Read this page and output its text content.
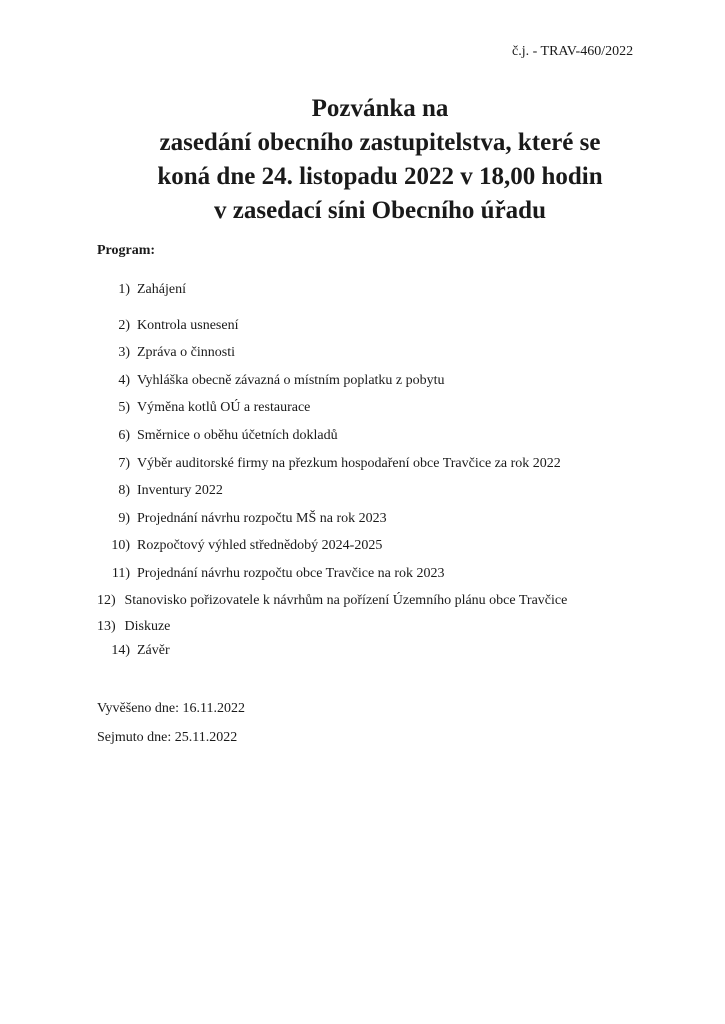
č.j. - TRAV-460/2022
Pozvánka na
zasedání obecního zastupitelstva, které se
koná dne 24. listopadu 2022 v 18,00 hodin
v zasedací síni Obecního úřadu
Program:
1) Zahájení
2) Kontrola usnesení
3) Zpráva o činnosti
4) Vyhláška obecně závazná o místním poplatku z pobytu
5) Výměna kotlů OÚ a restaurace
6) Směrnice o oběhu účetních dokladů
7) Výběr auditorské firmy na přezkum hospodaření obce Travčice za rok 2022
8) Inventury 2022
9) Projednání návrhu rozpočtu MŠ na rok 2023
10) Rozpočtový výhled střednědobý 2024-2025
11) Projednání návrhu rozpočtu obce Travčice na rok 2023
12) Stanovisko pořizovatele k návrhům na pořízení Územního plánu obce Travčice
13) Diskuze
14) Závěr
Vyvěšeno dne: 16.11.2022
Sejmuto dne: 25.11.2022
